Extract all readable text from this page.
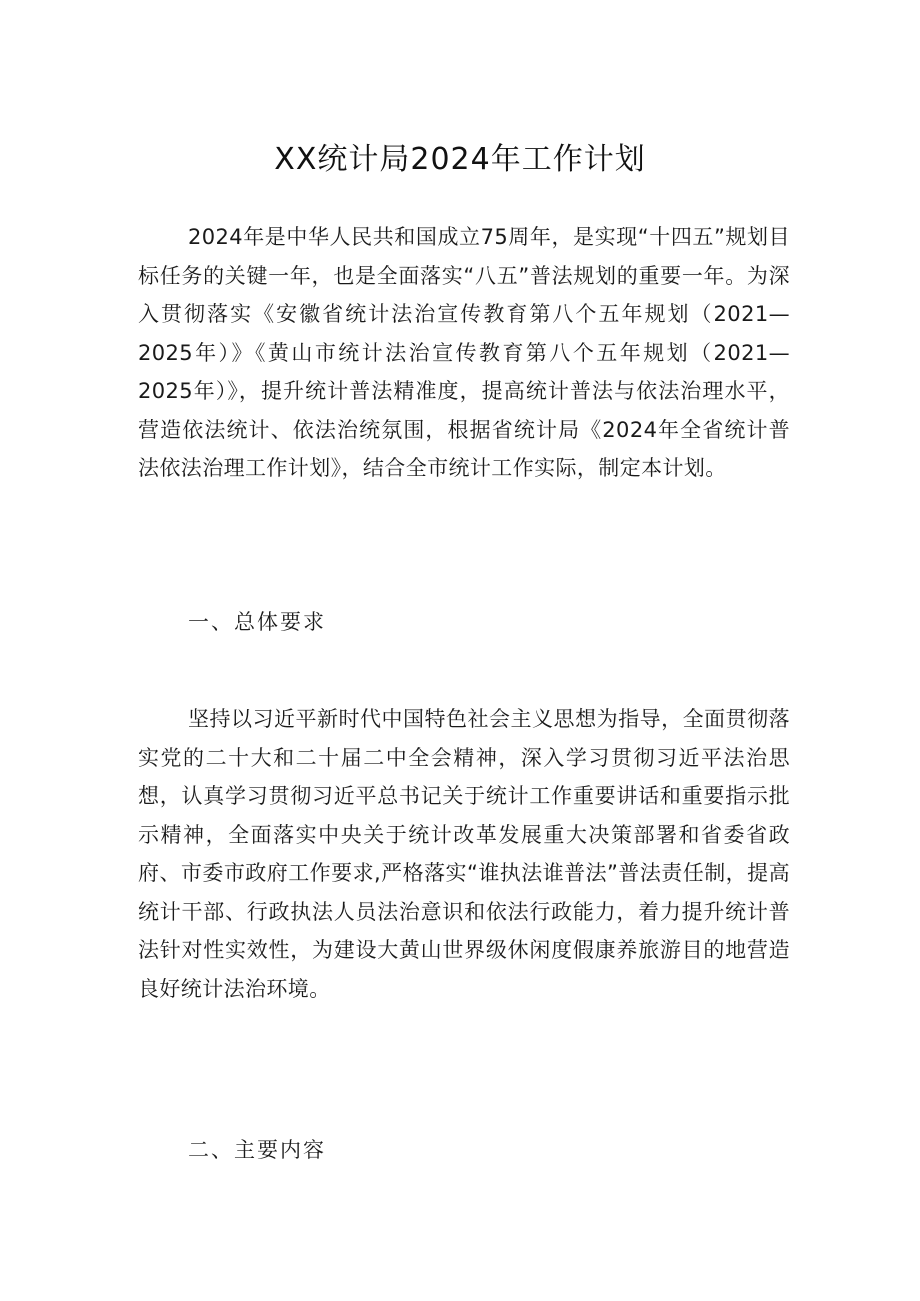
XX统计局2024年工作计划

2024年是中华人民共和国成立75周年，是实现“十四五”规划目标任务的关键一年，也是全面落实“八五”普法规划的重要一年。为深入贯彻落实《安徽省统计法治宣传教育第八个五年规划（2021—2025年）》《黄山市统计法治宣传教育第八个五年规划（2021—2025年）》，提升统计普法精准度，提高统计普法与依法治理水平，营造依法统计、依法治统氛围，根据省统计局《2024年全省统计普法依法治理工作计划》，结合全市统计工作实际，制定本计划。

一、总体要求

坚持以习近平新时代中国特色社会主义思想为指导，全面贯彻落实党的二十大和二十届二中全会精神，深入学习贯彻习近平法治思想，认真学习贯彻习近平总书记关于统计工作重要讲话和重要指示批示精神，全面落实中央关于统计改革发展重大决策部署和省委省政府、市委市政府工作要求,严格落实“谁执法谁普法”普法责任制，提高统计干部、行政执法人员法治意识和依法行政能力，着力提升统计普法针对性实效性，为建设大黄山世界级休闲度假康养旅游目的地营造良好统计法治环境。

二、主要内容
